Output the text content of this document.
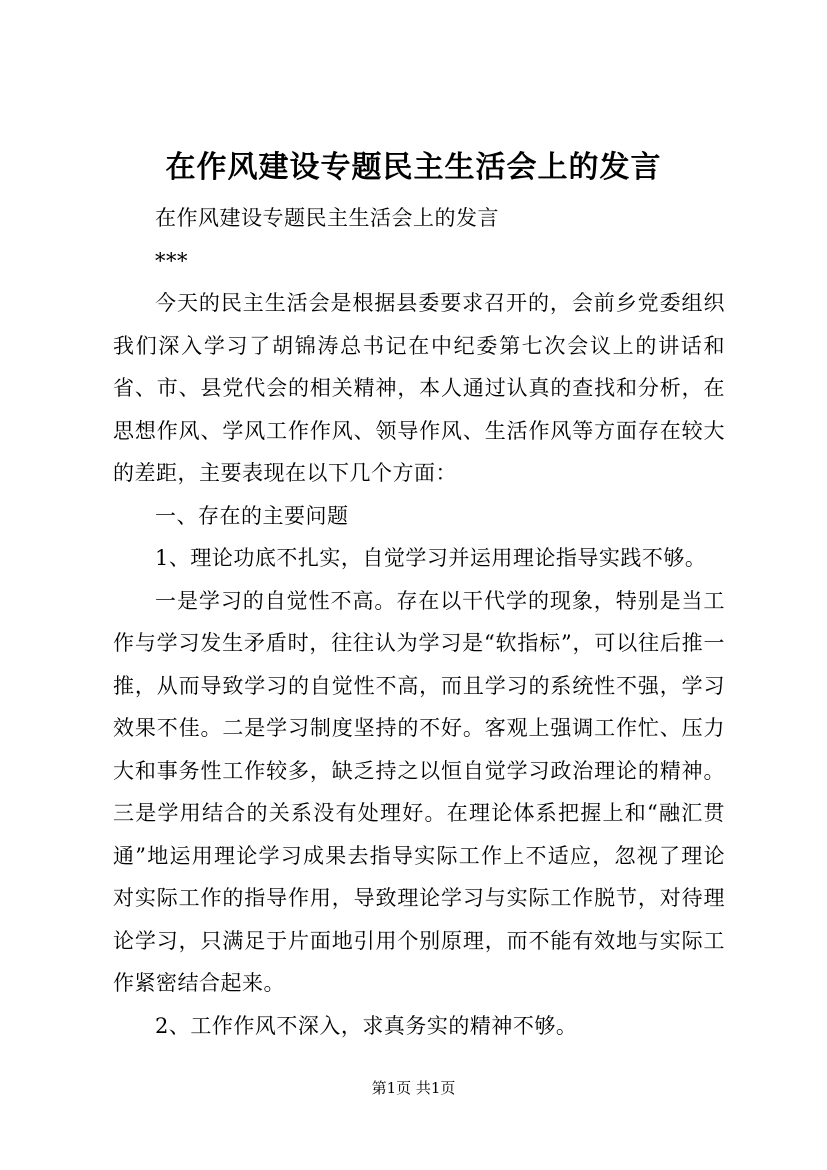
在作风建设专题民主生活会上的发言

在作风建设专题民主生活会上的发言

***

今天的民主生活会是根据县委要求召开的，会前乡党委组织我们深入学习了胡锦涛总书记在中纪委第七次会议上的讲话和省、市、县党代会的相关精神，本人通过认真的查找和分析，在思想作风、学风工作作风、领导作风、生活作风等方面存在较大的差距，主要表现在以下几个方面：

一、存在的主要问题

1、理论功底不扎实，自觉学习并运用理论指导实践不够。

一是学习的自觉性不高。存在以干代学的现象，特别是当工作与学习发生矛盾时，往往认为学习是“软指标”，可以往后推一推，从而导致学习的自觉性不高，而且学习的系统性不强，学习效果不佳。二是学习制度坚持的不好。客观上强调工作忙、压力大和事务性工作较多，缺乏持之以恒自觉学习政治理论的精神。三是学用结合的关系没有处理好。在理论体系把握上和“融汇贯通”地运用理论学习成果去指导实际工作上不适应，忽视了理论对实际工作的指导作用，导致理论学习与实际工作脱节，对待理论学习，只满足于片面地引用个别原理，而不能有效地与实际工作紧密结合起来。

2、工作作风不深入，求真务实的精神不够。

第1页 共1页
